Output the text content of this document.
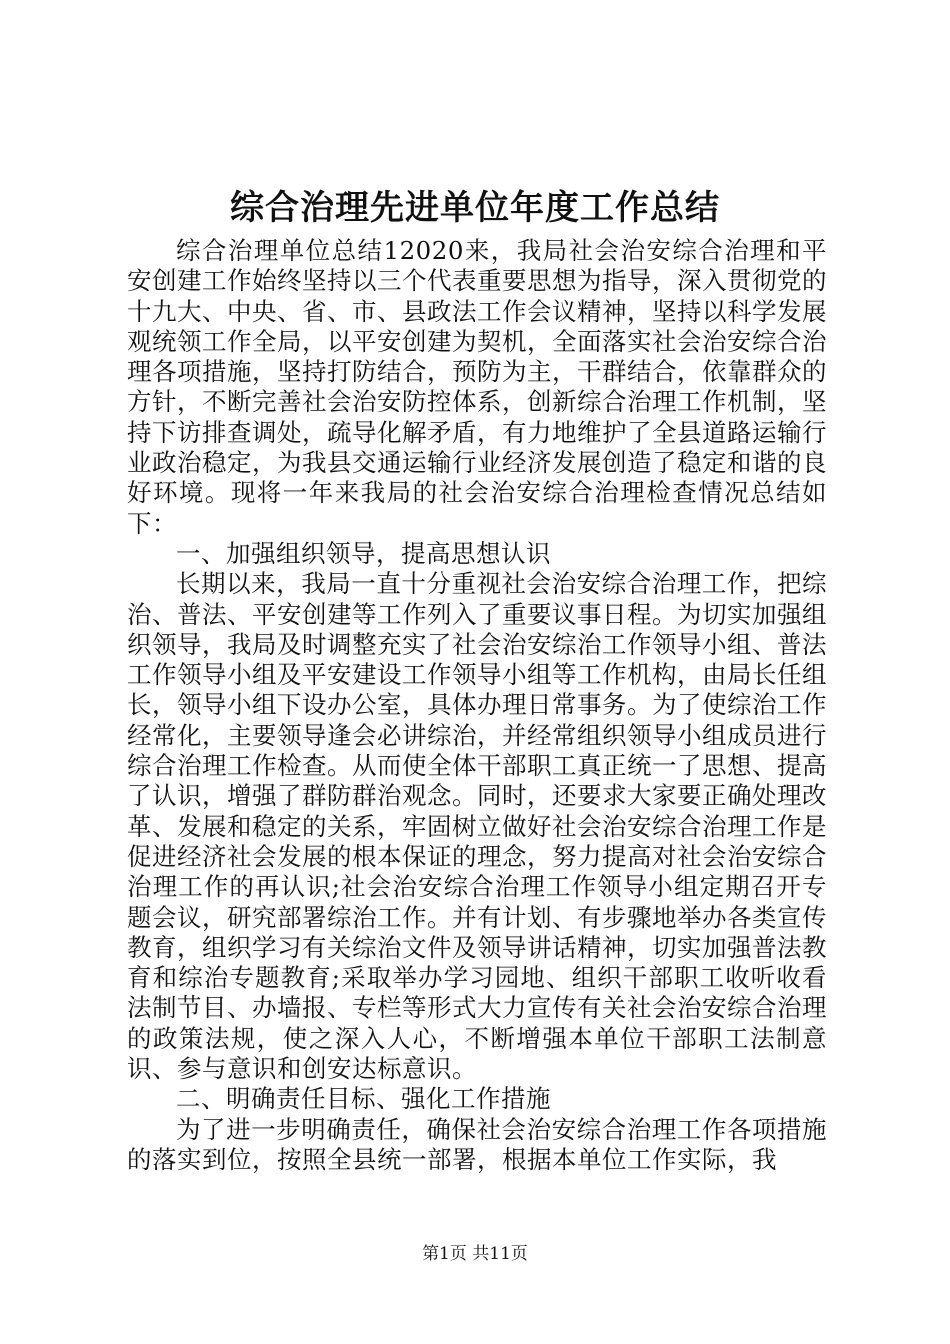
综合治理先进单位年度工作总结

综合治理单位总结12020来，我局社会治安综合治理和平安创建工作始终坚持以三个代表重要思想为指导，深入贯彻党的十九大、中央、省、市、县政法工作会议精神，坚持以科学发展观统领工作全局，以平安创建为契机，全面落实社会治安综合治理各项措施，坚持打防结合，预防为主，干群结合，依靠群众的方针，不断完善社会治安防控体系，创新综合治理工作机制，坚持下访排查调处，疏导化解矛盾，有力地维护了全县道路运输行业政治稳定，为我县交通运输行业经济发展创造了稳定和谐的良好环境。现将一年来我局的社会治安综合治理检查情况总结如下：

一、加强组织领导，提高思想认识

长期以来，我局一直十分重视社会治安综合治理工作，把综治、普法、平安创建等工作列入了重要议事日程。为切实加强组织领导，我局及时调整充实了社会治安综治工作领导小组、普法工作领导小组及平安建设工作领导小组等工作机构，由局长任组长，领导小组下设办公室，具体办理日常事务。为了使综治工作经常化，主要领导逢会必讲综治，并经常组织领导小组成员进行综合治理工作检查。从而使全体干部职工真正统一了思想、提高了认识，增强了群防群治观念。同时，还要求大家要正确处理改革、发展和稳定的关系，牢固树立做好社会治安综合治理工作是促进经济社会发展的根本保证的理念，努力提高对社会治安综合治理工作的再认识;社会治安综合治理工作领导小组定期召开专题会议，研究部署综治工作。并有计划、有步骤地举办各类宣传教育，组织学习有关综治文件及领导讲话精神，切实加强普法教育和综治专题教育;采取举办学习园地、组织干部职工收听收看法制节目、办墙报、专栏等形式大力宣传有关社会治安综合治理的政策法规，使之深入人心，不断增强本单位干部职工法制意识、参与意识和创安达标意识。

二、明确责任目标、强化工作措施

为了进一步明确责任，确保社会治安综合治理工作各项措施的落实到位，按照全县统一部署，根据本单位工作实际，我

第1页 共11页
